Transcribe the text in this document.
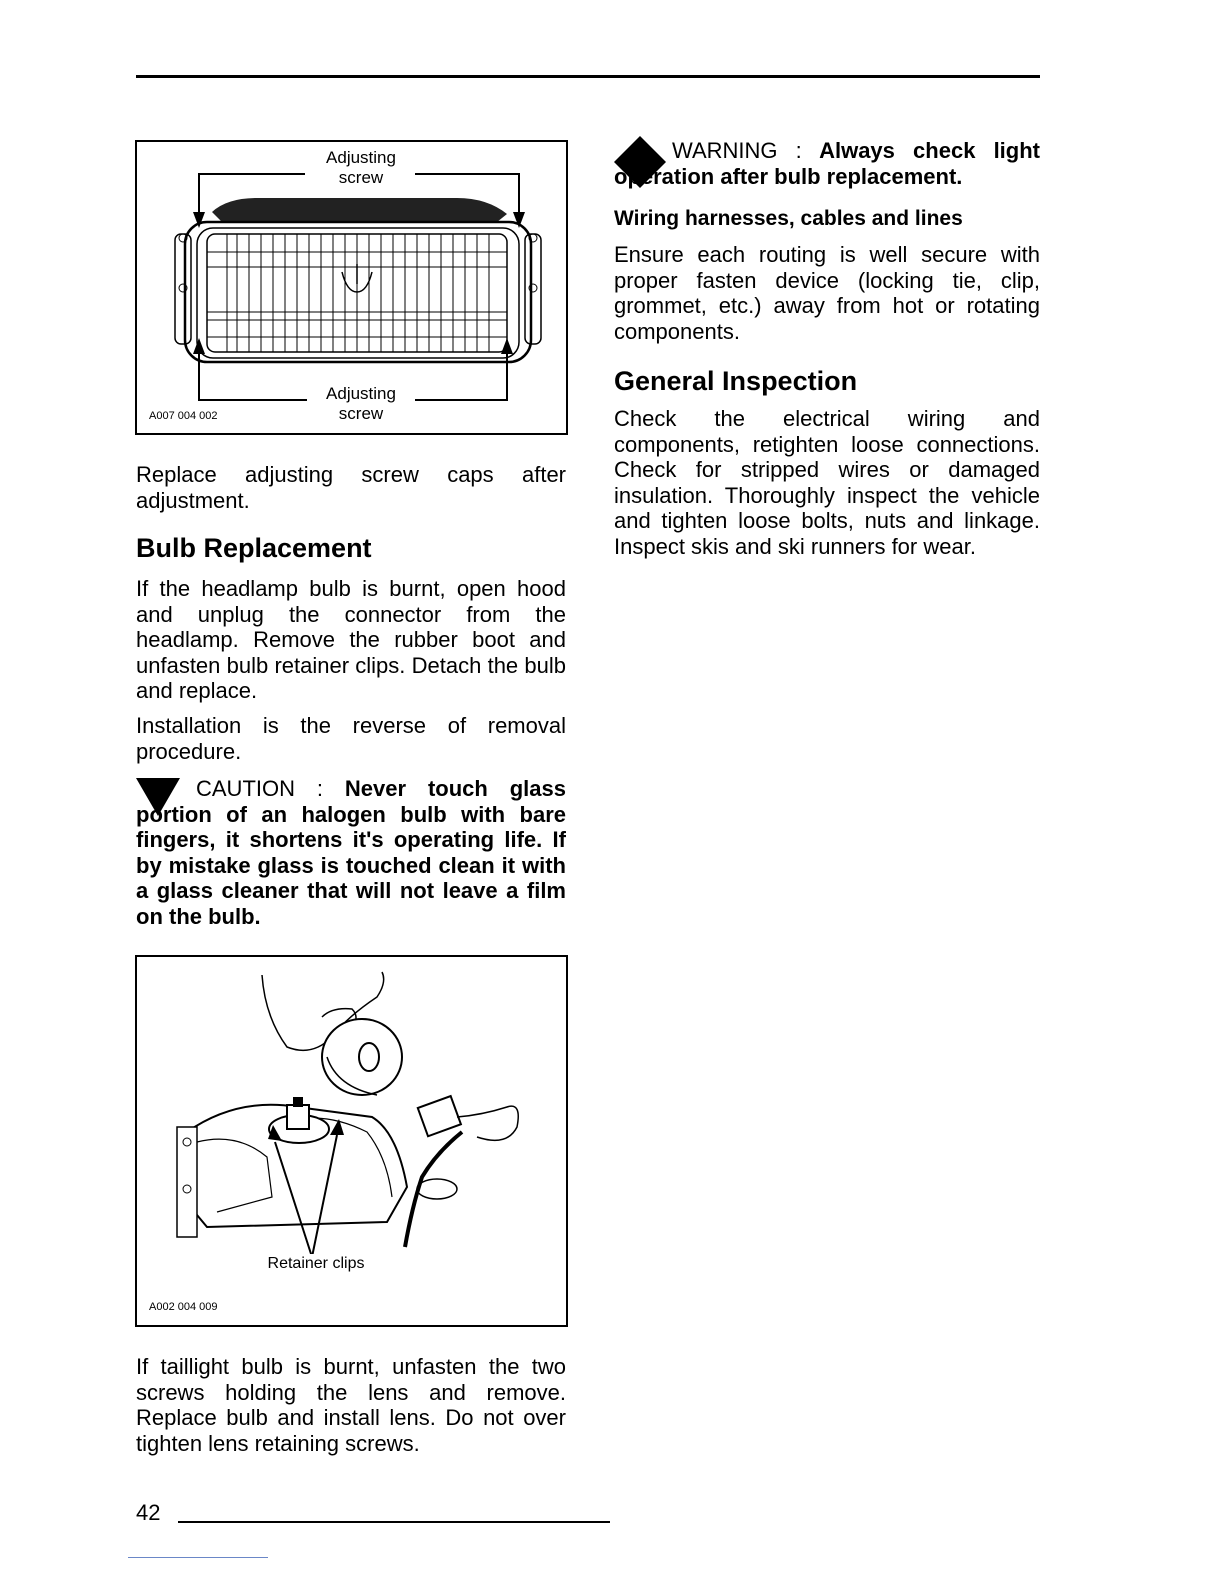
Adjusting
screw
Adjusting
screw
A007 004 002

Replace adjusting screw caps after adjustment.

Bulb Replacement

If the headlamp bulb is burnt, open hood and unplug the connector from the headlamp. Remove the rubber boot and unfasten bulb retainer clips. Detach the bulb and replace.

Installation is the reverse of removal procedure.

CAUTION : Never touch glass portion of an halogen bulb with bare fingers, it shortens it's operating life. If by mistake glass is touched clean it with a glass cleaner that will not leave a film on the bulb.

Retainer clips
A002 004 009

If taillight bulb is burnt, unfasten the two screws holding the lens and remove. Replace bulb and install lens. Do not over tighten lens retaining screws.

WARNING : Always check light operation after bulb replacement.

Wiring harnesses, cables and lines

Ensure each routing is well secure with proper fasten device (locking tie, clip, grommet, etc.) away from hot or rotating components.

General Inspection

Check the electrical wiring and components, retighten loose connections. Check for stripped wires or damaged insulation. Thoroughly inspect the vehicle and tighten loose bolts, nuts and linkage. Inspect skis and ski runners for wear.

42
